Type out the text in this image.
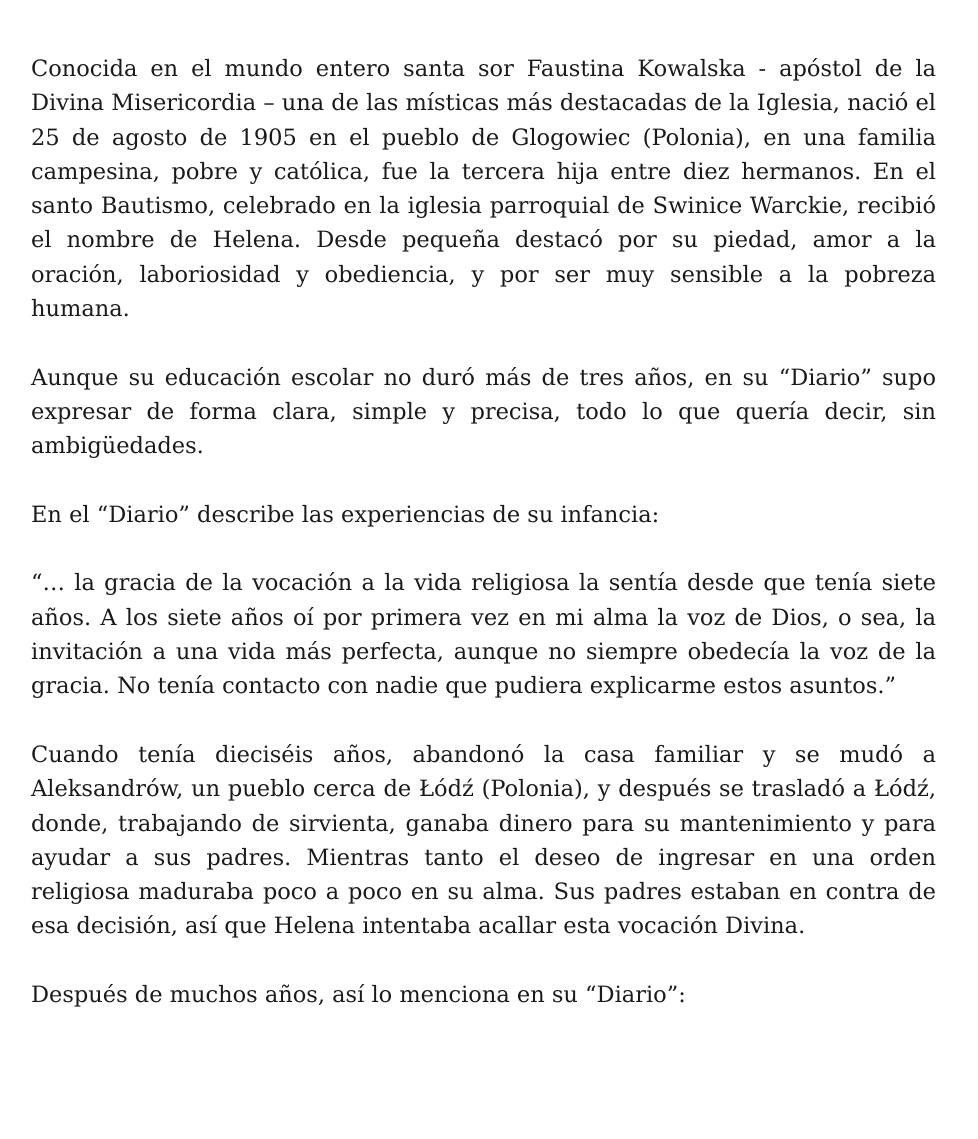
Conocida en el mundo entero santa sor Faustina Kowalska - apóstol de la Divina Misericordia – una de las místicas más destacadas de la Iglesia, nació el 25 de agosto de 1905 en el pueblo de Glogowiec (Polonia), en una familia campesina, pobre y católica, fue la tercera hija entre diez hermanos. En el santo Bautismo, celebrado en la iglesia parroquial de Swinice Warckie, recibió el nombre de Helena. Desde pequeña destacó por su piedad, amor a la oración, laboriosidad y obediencia, y por ser muy sensible a la pobreza humana.

Aunque su educación escolar no duró más de tres años, en su “Diario” supo expresar de forma clara, simple y precisa, todo lo que quería decir, sin ambigüedades.

En el “Diario” describe las experiencias de su infancia:

“… la gracia de la vocación a la vida religiosa la sentía desde que tenía siete años. A los siete años oí por primera vez en mi alma la voz de Dios, o sea, la invitación a una vida más perfecta, aunque no siempre obedecía la voz de la gracia. No tenía contacto con nadie que pudiera explicarme estos asuntos.”

Cuando tenía dieciséis años, abandonó la casa familiar y se mudó a Aleksandrów, un pueblo cerca de Łódź (Polonia), y después se trasladó a Łódź, donde, trabajando de sirvienta, ganaba dinero para su mantenimiento y para ayudar a sus padres. Mientras tanto el deseo de ingresar en una orden religiosa maduraba poco a poco en su alma. Sus padres estaban en contra de esa decisión, así que Helena intentaba acallar esta vocación Divina.

Después de muchos años, así lo menciona en su “Diario”:
